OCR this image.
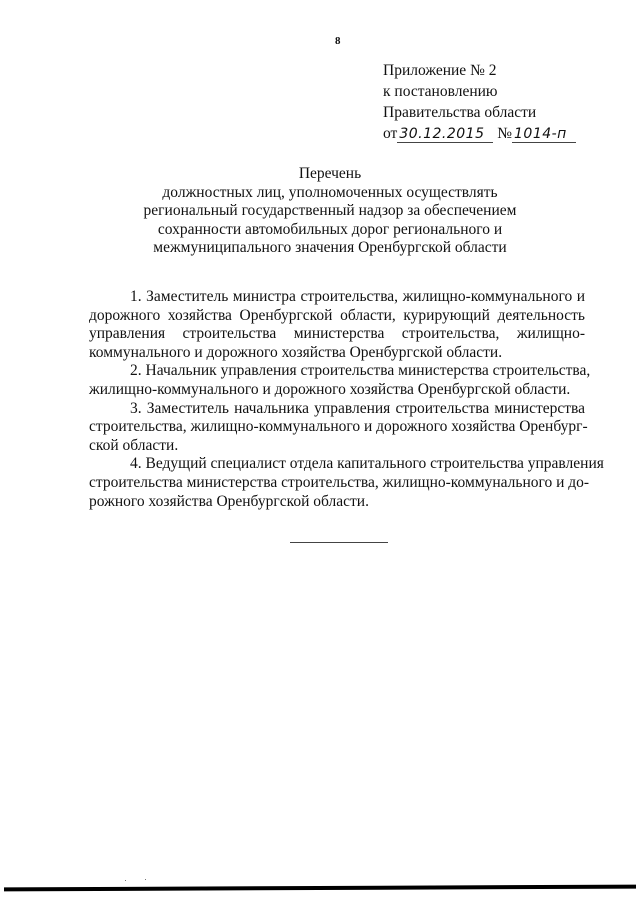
8
Приложение № 2
к постановлению
Правительства области
от 30.12.2015 № 1014-п
Перечень
должностных лиц, уполномоченных осуществлять
региональный государственный надзор за обеспечением
сохранности автомобильных дорог регионального и
межмуниципального значения Оренбургской области
1. Заместитель министра строительства, жилищно-коммунального и
дорожного хозяйства Оренбургской области, курирующий деятельность
управления строительства министерства строительства, жилищно-
коммунального и дорожного хозяйства Оренбургской области.
2. Начальник управления строительства министерства строительства,
жилищно-коммунального и дорожного хозяйства Оренбургской области.
3. Заместитель начальника управления строительства министерства
строительства, жилищно-коммунального и дорожного хозяйства Оренбург-
ской области.
4. Ведущий специалист отдела капитального строительства управления
строительства министерства строительства, жилищно-коммунального и до-
рожного хозяйства Оренбургской области.
